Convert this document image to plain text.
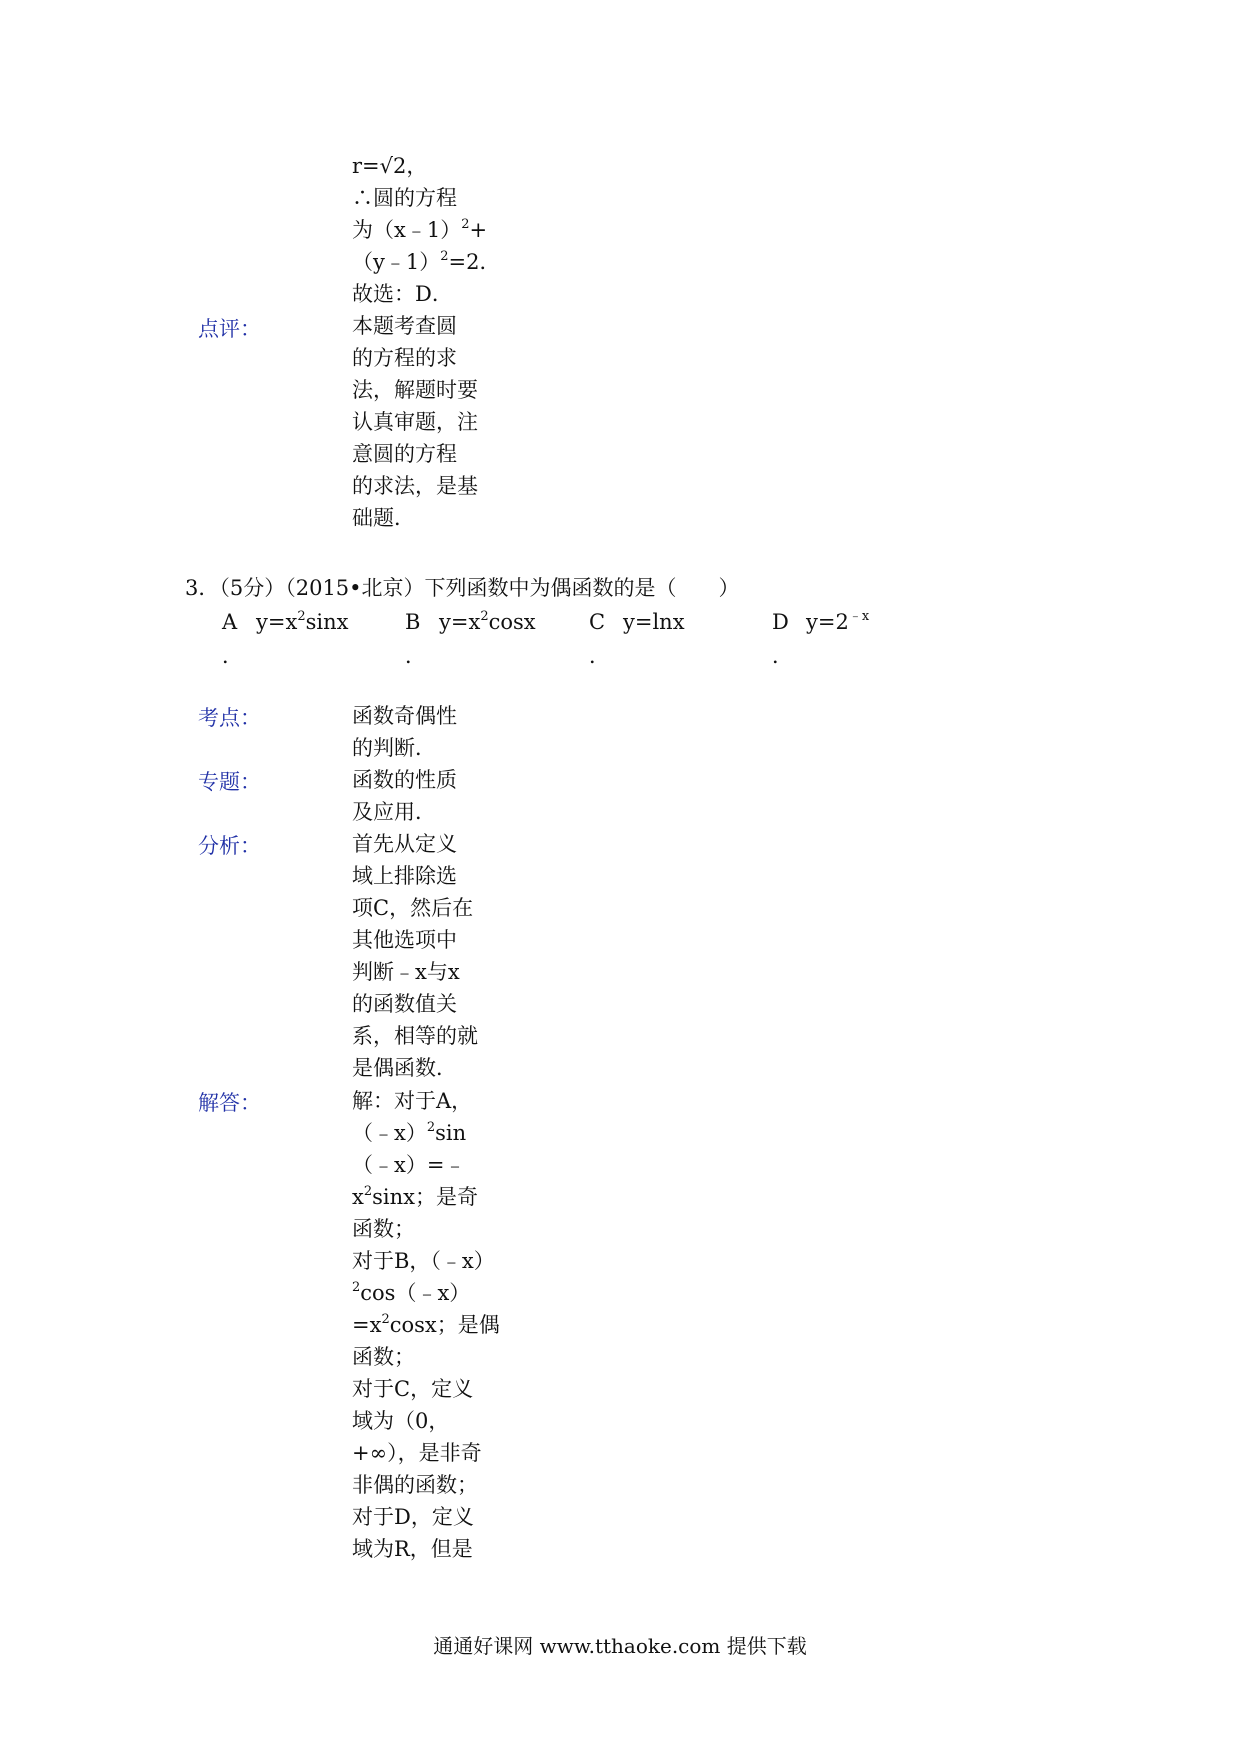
r=√2，
∴圆的方程
为（x﹣1）$^2$+
（y﹣1）$^2$=2．
故选：D．
点评：	本题考查圆
的方程的求
法，解题时要
认真审题，注
意圆的方程
的求法，是基
础题．
3．（5分）（2015•北京）下列函数中为偶函数的是（　　）
A $y=x^2\sin x$
．
B $y=x^2\cos x$
．
C y=lnx
．
D $y=2^{﹣x}$
．
考点：	函数奇偶性
的判断．
专题：	函数的性质
及应用．
分析：	首先从定义
域上排除选
项C，然后在
其他选项中
判断﹣x与x
的函数值关
系，相等的就
是偶函数．
解答：	解：对于A，
（﹣x）$^2$sin
（﹣x）=﹣
$x^2\sin x$；是奇
函数；
对于B，（﹣x）
$^2$cos（﹣x）
$=x^2\cos x$；是偶
函数；
对于C，定义
域为（0，
+∞），是非奇
非偶的函数；
对于D，定义
域为R，但是
通通好课网 www.tthaoke.com 提供下载
